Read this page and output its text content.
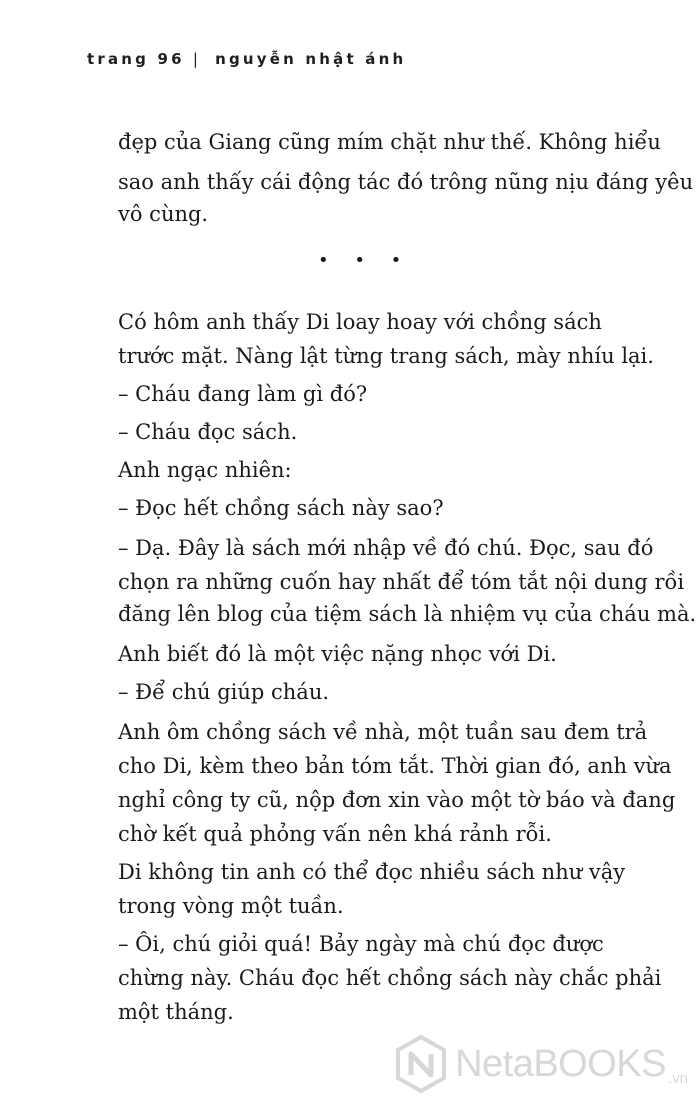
trang 96 | nguyễn nhật ánh
đẹp của Giang cũng mím chặt như thế. Không hiểu
sao anh thấy cái động tác đó trông nũng nịu đáng yêu
vô cùng.
• • •
Có hôm anh thấy Di loay hoay với chồng sách
trước mặt. Nàng lật từng trang sách, mày nhíu lại.
– Cháu đang làm gì đó?
– Cháu đọc sách.
Anh ngạc nhiên:
– Đọc hết chồng sách này sao?
– Dạ. Đây là sách mới nhập về đó chú. Đọc, sau đó
chọn ra những cuốn hay nhất để tóm tắt nội dung rồi
đăng lên blog của tiệm sách là nhiệm vụ của cháu mà.
Anh biết đó là một việc nặng nhọc với Di.
– Để chú giúp cháu.
Anh ôm chồng sách về nhà, một tuần sau đem trả
cho Di, kèm theo bản tóm tắt. Thời gian đó, anh vừa
nghỉ công ty cũ, nộp đơn xin vào một tờ báo và đang
chờ kết quả phỏng vấn nên khá rảnh rỗi.
Di không tin anh có thể đọc nhiều sách như vậy
trong vòng một tuần.
– Ôi, chú giỏi quá! Bảy ngày mà chú đọc được
chừng này. Cháu đọc hết chồng sách này chắc phải
một tháng.
NetaBOOKS .vn
